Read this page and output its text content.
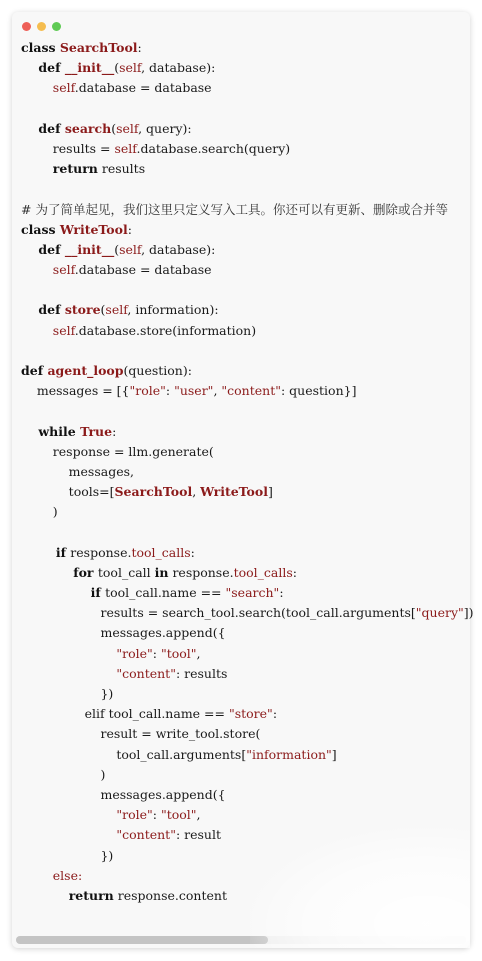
class SearchTool:
def __init__(self, database):
self.database = database

def search(self, query):
results = self.database.search(query)
return results

# 为了简单起见，我们这里只定义写入工具。你还可以有更新、删除或合并等
class WriteTool:
def __init__(self, database):
self.database = database

def store(self, information):
self.database.store(information)

def agent_loop(question):
messages = [{"role": "user", "content": question}]

while True:
response = llm.generate(
messages,
tools=[SearchTool, WriteTool]
)

if response.tool_calls:
for tool_call in response.tool_calls:
if tool_call.name == "search":
results = search_tool.search(tool_call.arguments["query"])
messages.append({
"role": "tool",
"content": results
})
elif tool_call.name == "store":
result = write_tool.store(
tool_call.arguments["information"]
)
messages.append({
"role": "tool",
"content": result
})
else:
return response.content
